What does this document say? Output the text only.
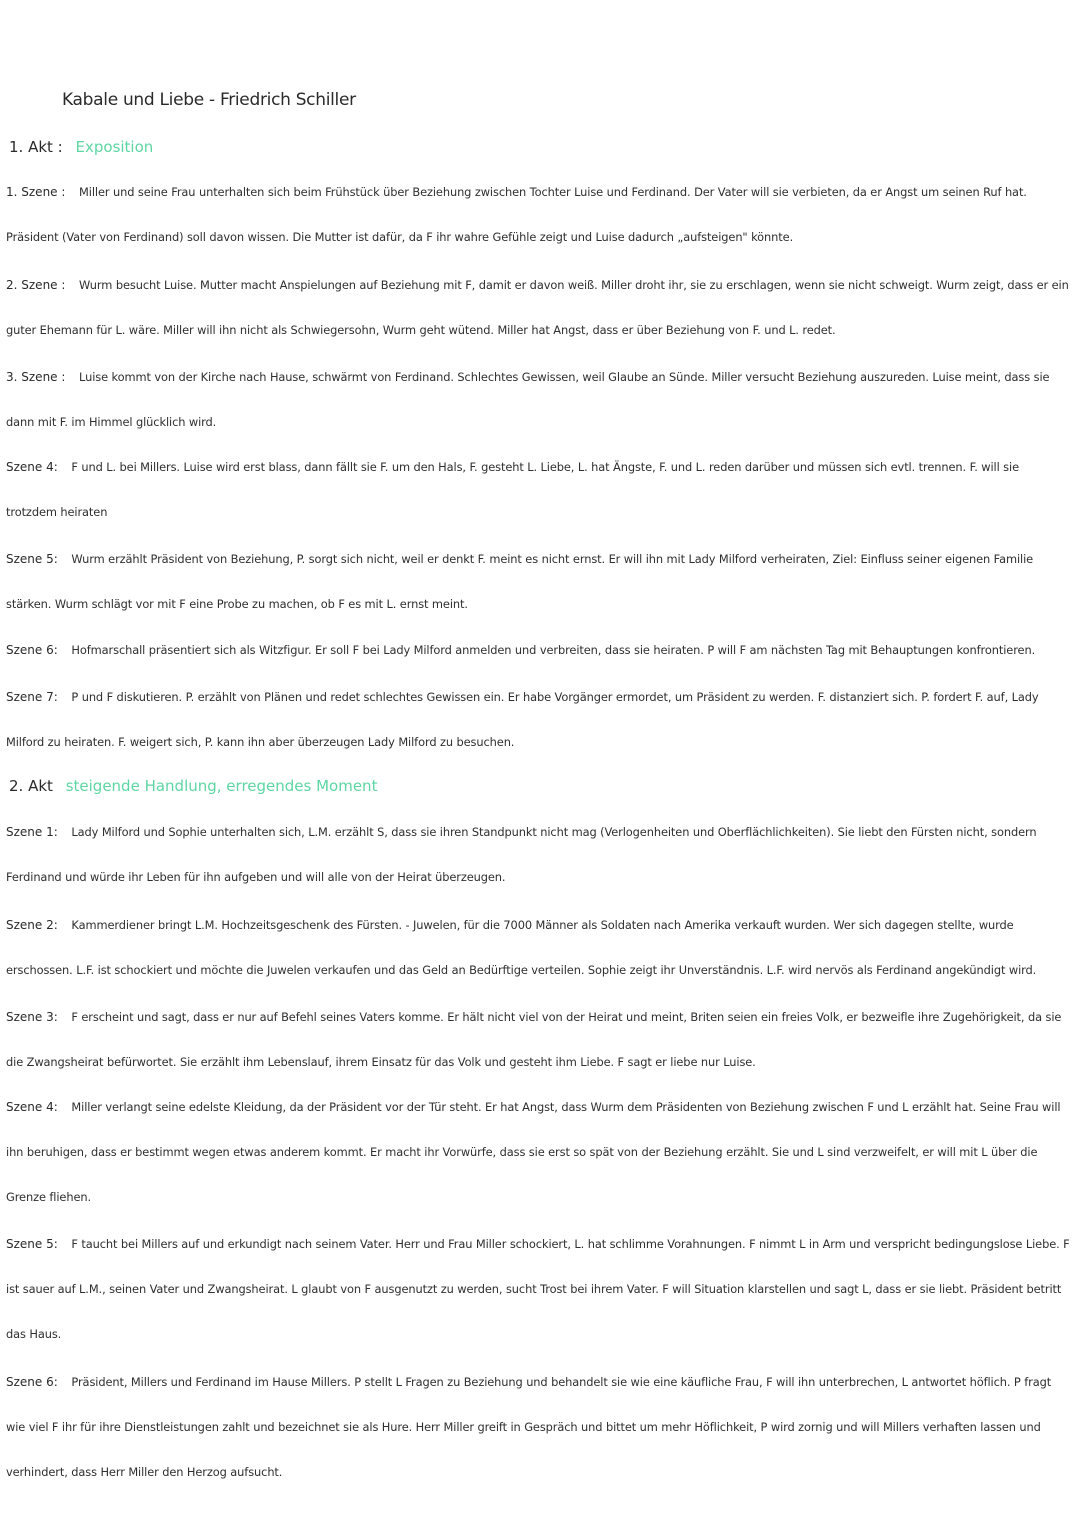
Kabale und Liebe - Friedrich Schiller
1. Akt : Exposition
1. Szene : Miller und seine Frau unterhalten sich beim Frühstück über Beziehung zwischen Tochter Luise und Ferdinand. Der Vater will sie verbieten, da er Angst um seinen Ruf hat. Präsident (Vater von Ferdinand) soll davon wissen. Die Mutter ist dafür, da F ihr wahre Gefühle zeigt und Luise dadurch „aufsteigen" könnte.
2. Szene : Wurm besucht Luise. Mutter macht Anspielungen auf Beziehung mit F, damit er davon weiß. Miller droht ihr, sie zu erschlagen, wenn sie nicht schweigt. Wurm zeigt, dass er ein guter Ehemann für L. wäre. Miller will ihn nicht als Schwiegersohn, Wurm geht wütend. Miller hat Angst, dass er über Beziehung von F. und L. redet.
3. Szene : Luise kommt von der Kirche nach Hause, schwärmt von Ferdinand. Schlechtes Gewissen, weil Glaube an Sünde. Miller versucht Beziehung auszureden. Luise meint, dass sie dann mit F. im Himmel glücklich wird.
Szene 4: F und L. bei Millers. Luise wird erst blass, dann fällt sie F. um den Hals, F. gesteht L. Liebe, L. hat Ängste, F. und L. reden darüber und müssen sich evtl. trennen. F. will sie trotzdem heiraten
Szene 5: Wurm erzählt Präsident von Beziehung, P. sorgt sich nicht, weil er denkt F. meint es nicht ernst. Er will ihn mit Lady Milford verheiraten, Ziel: Einfluss seiner eigenen Familie stärken. Wurm schlägt vor mit F eine Probe zu machen, ob F es mit L. ernst meint.
Szene 6: Hofmarschall präsentiert sich als Witzfigur. Er soll F bei Lady Milford anmelden und verbreiten, dass sie heiraten. P will F am nächsten Tag mit Behauptungen konfrontieren.
Szene 7: P und F diskutieren. P. erzählt von Plänen und redet schlechtes Gewissen ein. Er habe Vorgänger ermordet, um Präsident zu werden. F. distanziert sich. P. fordert F. auf, Lady Milford zu heiraten. F. weigert sich, P. kann ihn aber überzeugen Lady Milford zu besuchen.
2. Akt steigende Handlung, erregendes Moment
Szene 1: Lady Milford und Sophie unterhalten sich, L.M. erzählt S, dass sie ihren Standpunkt nicht mag (Verlogenheiten und Oberflächlichkeiten). Sie liebt den Fürsten nicht, sondern Ferdinand und würde ihr Leben für ihn aufgeben und will alle von der Heirat überzeugen.
Szene 2: Kammerdiener bringt L.M. Hochzeitsgeschenk des Fürsten. - Juwelen, für die 7000 Männer als Soldaten nach Amerika verkauft wurden. Wer sich dagegen stellte, wurde erschossen. L.F. ist schockiert und möchte die Juwelen verkaufen und das Geld an Bedürftige verteilen. Sophie zeigt ihr Unverständnis. L.F. wird nervös als Ferdinand angekündigt wird.
Szene 3: F erscheint und sagt, dass er nur auf Befehl seines Vaters komme. Er hält nicht viel von der Heirat und meint, Briten seien ein freies Volk, er bezweifle ihre Zugehörigkeit, da sie die Zwangsheirat befürwortet. Sie erzählt ihm Lebenslauf, ihrem Einsatz für das Volk und gesteht ihm Liebe. F sagt er liebe nur Luise.
Szene 4: Miller verlangt seine edelste Kleidung, da der Präsident vor der Tür steht. Er hat Angst, dass Wurm dem Präsidenten von Beziehung zwischen F und L erzählt hat. Seine Frau will ihn beruhigen, dass er bestimmt wegen etwas anderem kommt. Er macht ihr Vorwürfe, dass sie erst so spät von der Beziehung erzählt. Sie und L sind verzweifelt, er will mit L über die Grenze fliehen.
Szene 5: F taucht bei Millers auf und erkundigt nach seinem Vater. Herr und Frau Miller schockiert, L. hat schlimme Vorahnungen. F nimmt L in Arm und verspricht bedingungslose Liebe. F ist sauer auf L.M., seinen Vater und Zwangsheirat. L glaubt von F ausgenutzt zu werden, sucht Trost bei ihrem Vater. F will Situation klarstellen und sagt L, dass er sie liebt. Präsident betritt das Haus.
Szene 6: Präsident, Millers und Ferdinand im Hause Millers. P stellt L Fragen zu Beziehung und behandelt sie wie eine käufliche Frau, F will ihn unterbrechen, L antwortet höflich. P fragt wie viel F ihr für ihre Dienstleistungen zahlt und bezeichnet sie als Hure. Herr Miller greift in Gespräch und bittet um mehr Höflichkeit, P wird zornig und will Millers verhaften lassen und verhindert, dass Herr Miller den Herzog aufsucht.
